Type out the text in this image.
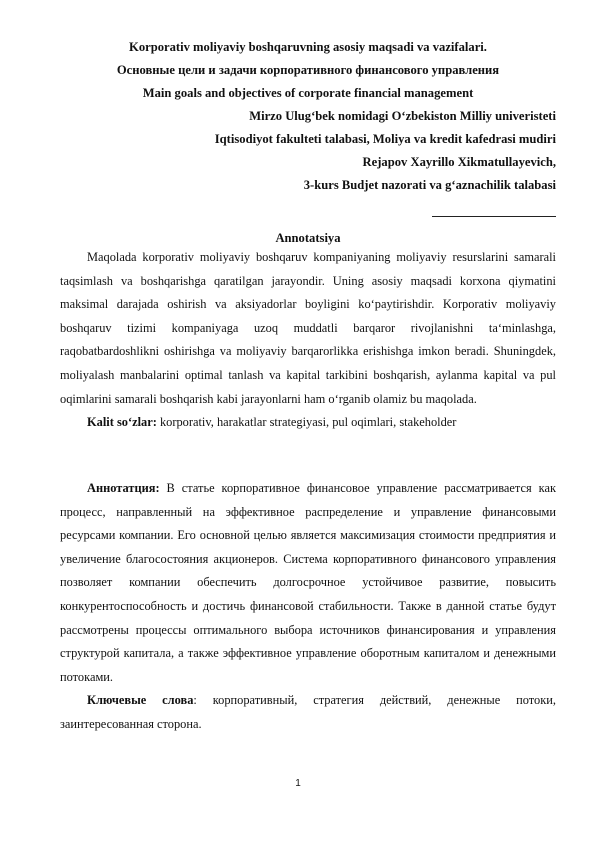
Korporativ moliyaviy boshqaruvning asosiy maqsadi va vazifalari.
Основные цели и задачи корпоративного финансового управления
Main goals and objectives of corporate financial management
Mirzo Ulug‘bek nomidagi O‘zbekiston Milliy univeristeti
Iqtisodiyot fakulteti talabasi, Moliya va kredit kafedrasi mudiri
Rejapov Xayrillo Xikmatullayevich,
3-kurs Budjet nazorati va g‘aznachilik talabasi
Annotatsiya

Maqolada korporativ moliyaviy boshqaruv kompaniyaning moliyaviy resurslarini samarali taqsimlash va boshqarishga qaratilgan jarayondir. Uning asosiy maqsadi korxona qiymatini maksimal darajada oshirish va aksiyadorlar boyligini ko‘paytirishdir. Korporativ moliyaviy boshqaruv tizimi kompaniyaga uzoq muddatli barqaror rivojlanishni ta‘minlashga, raqobatbardoshlikni oshirishga va moliyaviy barqarorlikka erishishga imkon beradi. Shuningdek, moliyalash manbalarini optimal tanlash va kapital tarkibini boshqarish, aylanma kapital va pul oqimlarini samarali boshqarish kabi jarayonlarni ham o‘rganib olamiz bu maqolada.

Kalit so‘zlar: korporativ, harakatlar strategiyasi, pul oqimlari, stakeholder

Аннотатция: В статье корпоративное финансовое управление рассматривается как процесс, направленный на эффективное распределение и управление финансовыми ресурсами компании. Его основной целью является максимизация стоимости предприятия и увеличение благосостояния акционеров. Система корпоративного финансового управления позволяет компании обеспечить долгосрочное устойчивое развитие, повысить конкурентоспособность и достичь финансовой стабильности. Также в данной статье будут рассмотрены процессы оптимального выбора источников финансирования и управления структурой капитала, а также эффективное управление оборотным капиталом и денежными потоками.

Ключевые слова: корпоративный, стратегия действий, денежные потоки, заинтересованная сторона.

1
